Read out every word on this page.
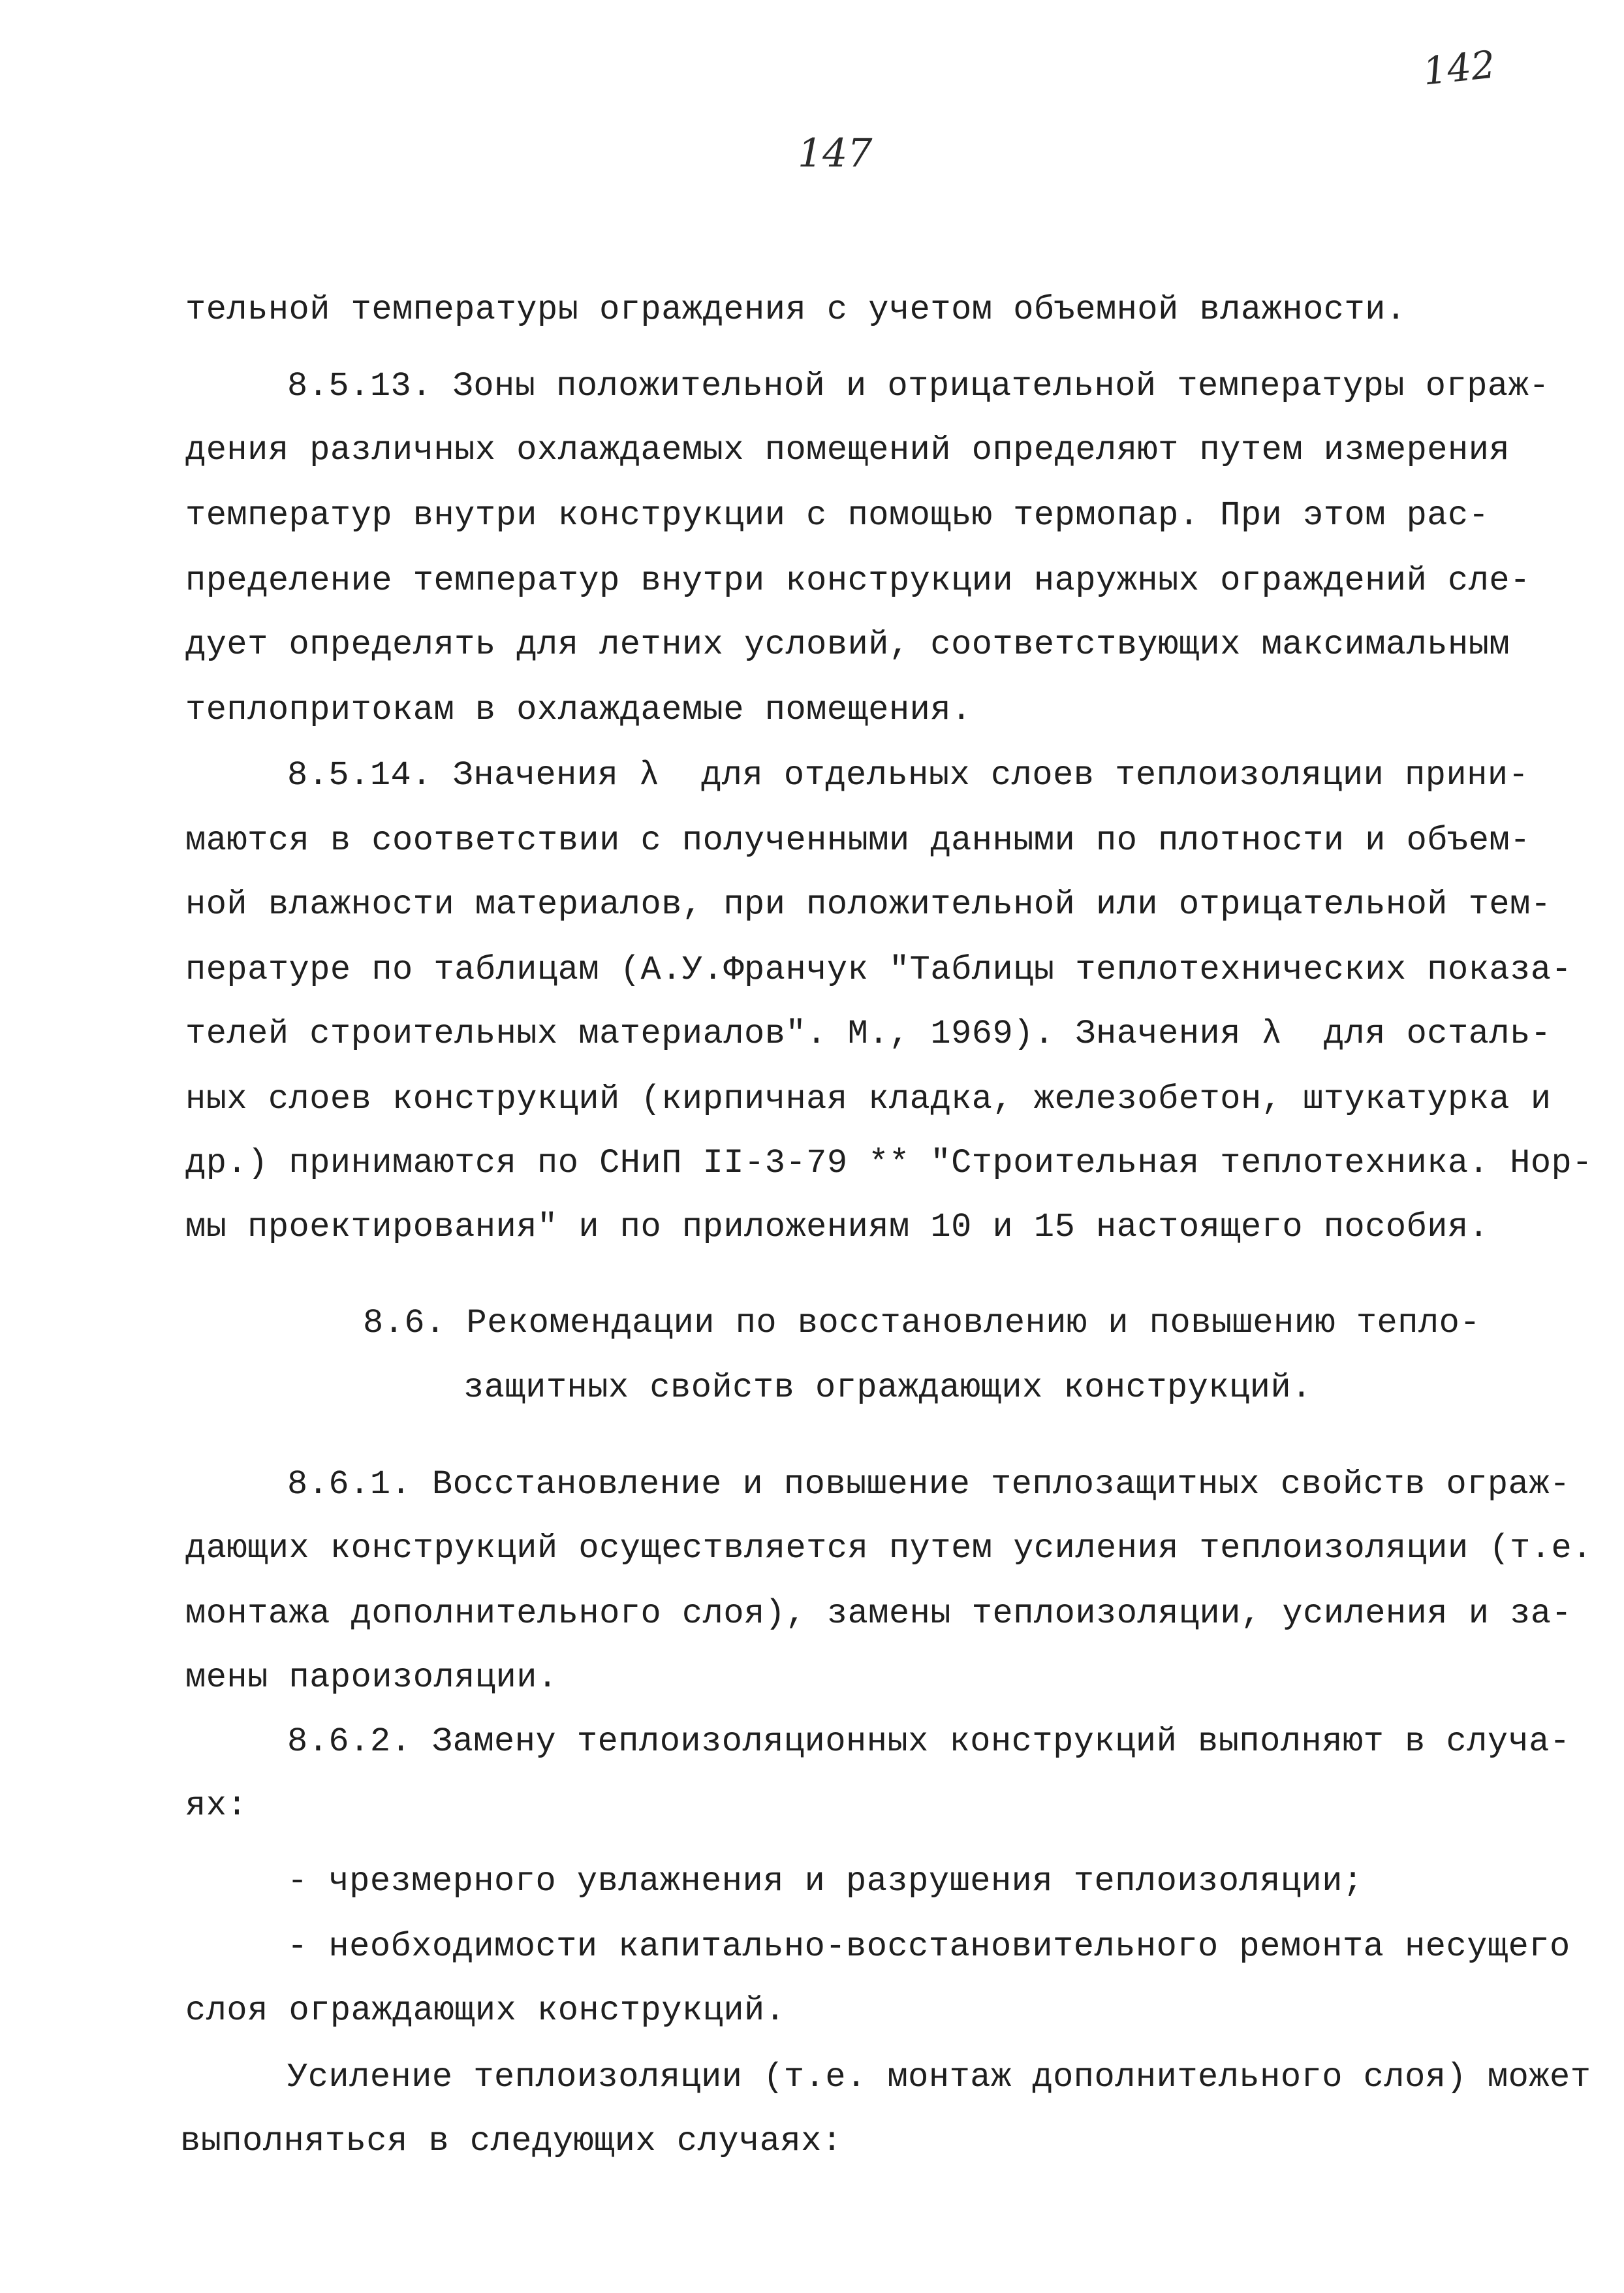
142
147

тельной температуры ограждения с учетом объемной влажности.

8.5.13. Зоны положительной и отрицательной температуры ограж-

дения различных охлаждаемых помещений определяют путем измерения

температур внутри конструкции с помощью термопар. При этом рас-

пределение температур внутри конструкции наружных ограждений сле-

дует определять для летних условий, соответствующих максимальным

теплопритокам в охлаждаемые помещения.

8.5.14. Значения λ  для отдельных слоев теплоизоляции прини-

маются в соответствии с полученными данными по плотности и объем-

ной влажности материалов, при положительной или отрицательной тем-

пературе по таблицам (А.У.Франчук "Таблицы теплотехнических показа-

телей строительных материалов". М., 1969). Значения λ  для осталь-

ных слоев конструкций (кирпичная кладка, железобетон, штукатурка и

др.) принимаются по СНиП II-3-79 ** "Строительная теплотехника. Нор-

мы проектирования" и по приложениям 10 и 15 настоящего пособия.

8.6. Рекомендации по восстановлению и повышению тепло-

защитных свойств ограждающих конструкций.

8.6.1. Восстановление и повышение теплозащитных свойств ограж-

дающих конструкций осуществляется путем усиления теплоизоляции (т.е.

монтажа дополнительного слоя), замены теплоизоляции, усиления и за-

мены пароизоляции.

8.6.2. Замену теплоизоляционных конструкций выполняют в случа-

ях:

- чрезмерного увлажнения и разрушения теплоизоляции;

- необходимости капитально-восстановительного ремонта несущего

слоя ограждающих конструкций.

Усиление теплоизоляции (т.е. монтаж дополнительного слоя) может

выполняться в следующих случаях:
